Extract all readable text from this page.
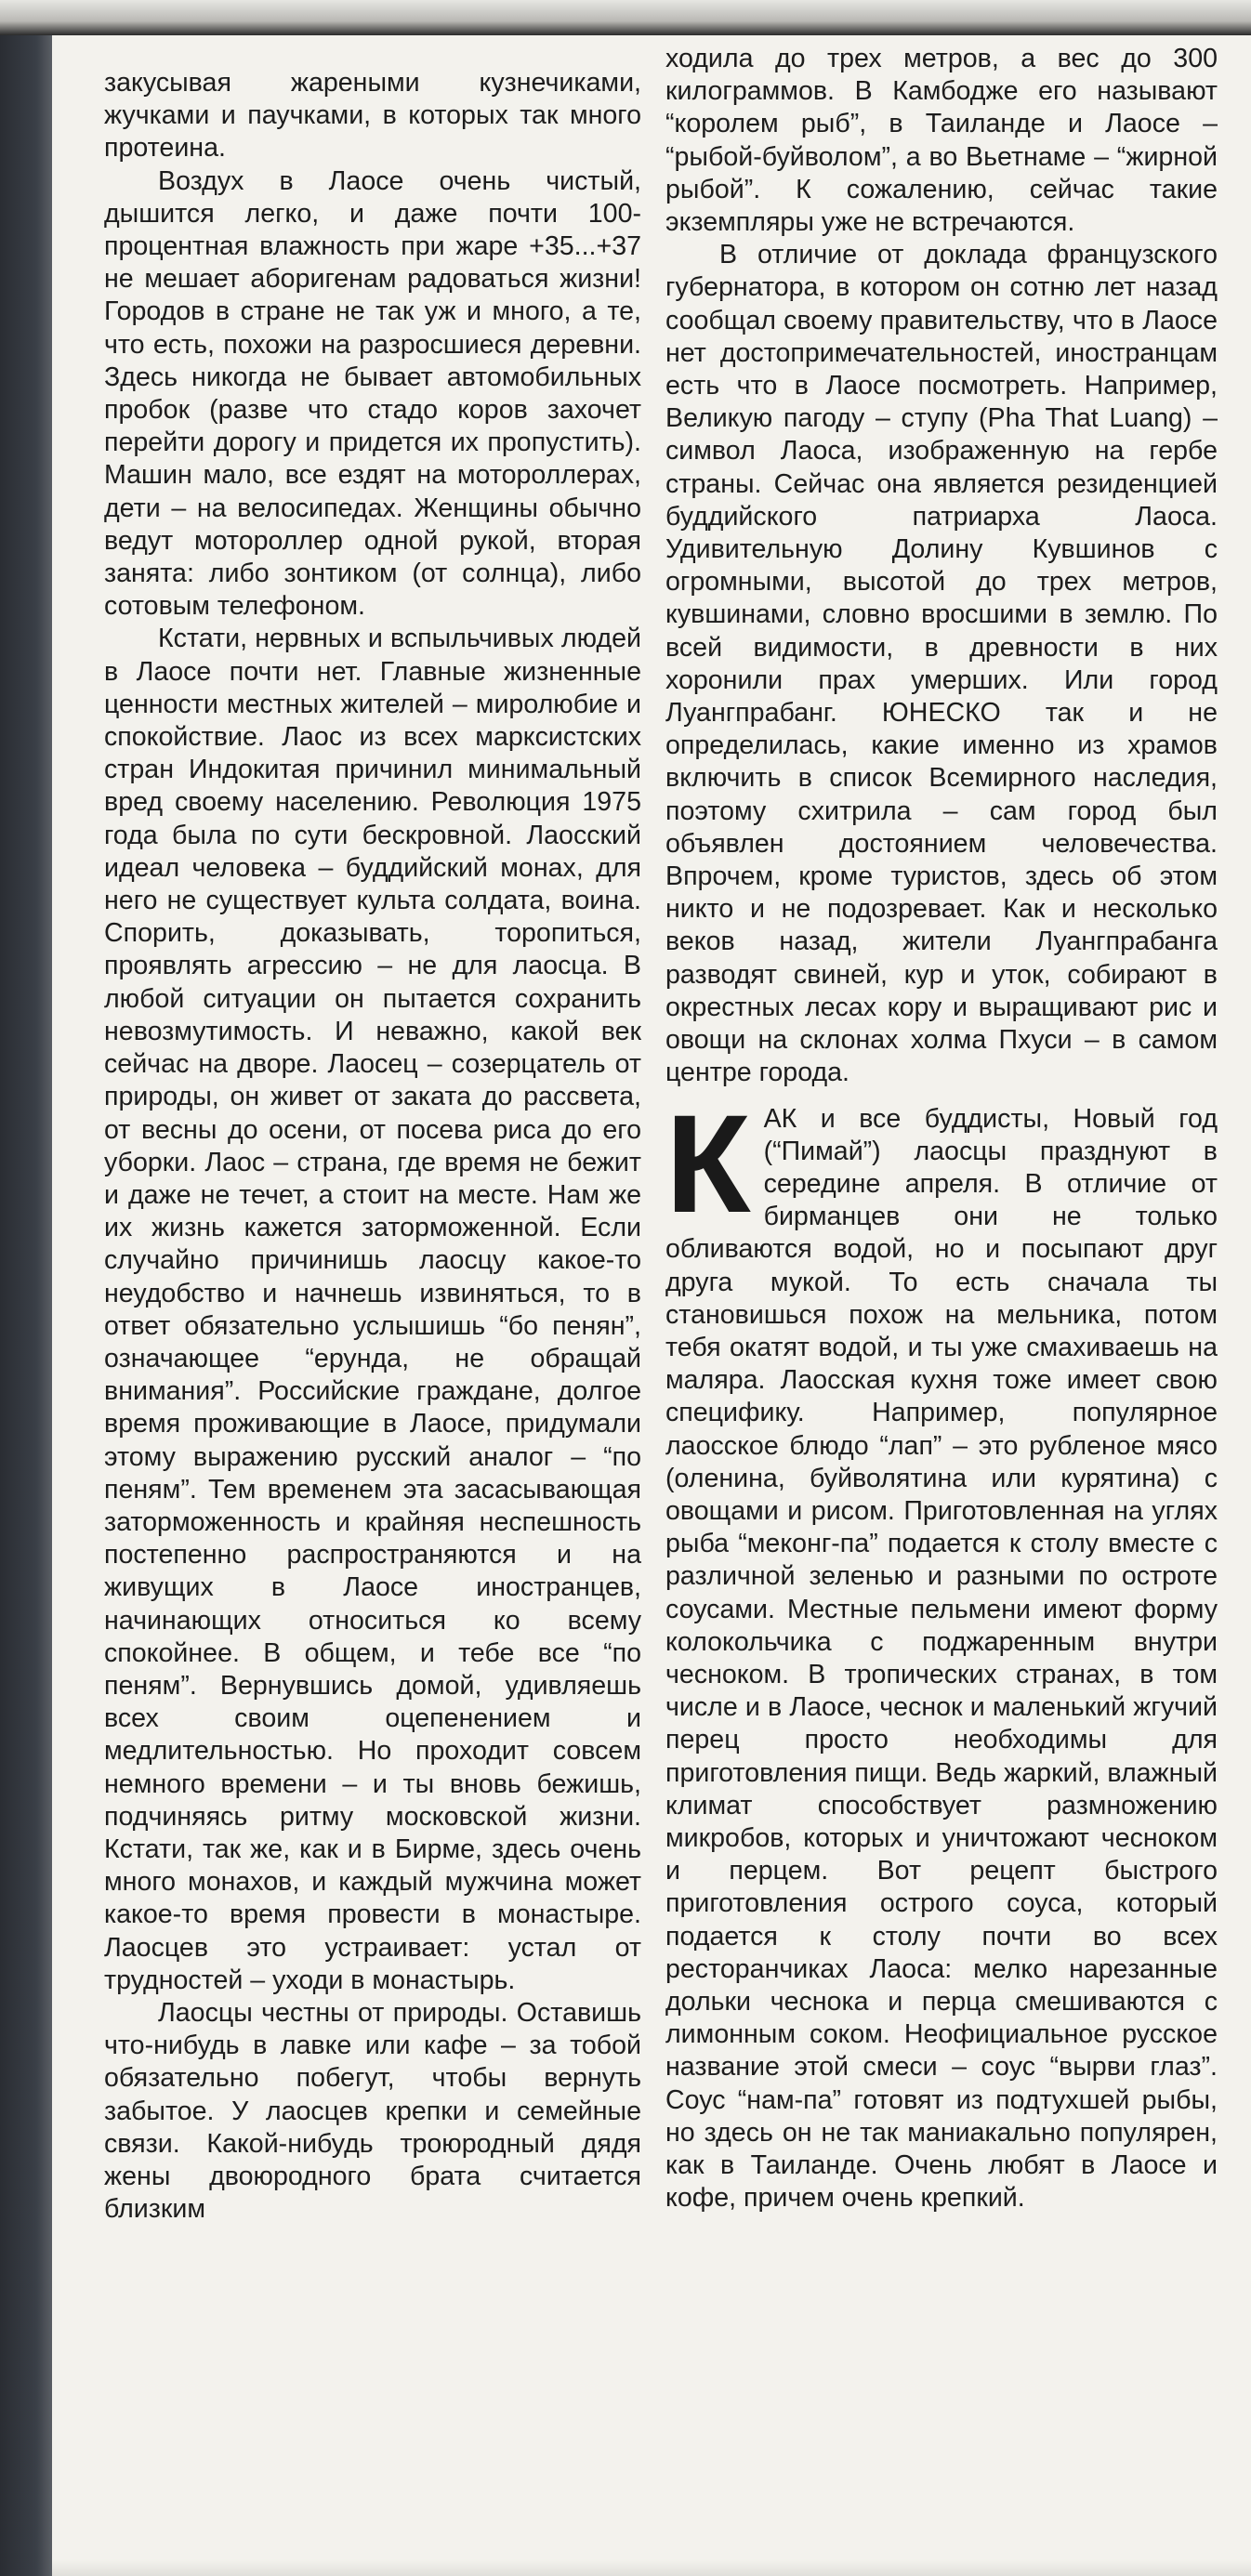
закусывая жареными кузнечиками, жучками и паучками, в которых так много протеина.

Воздух в Лаосе очень чистый, дышится легко, и даже почти 100-процентная влажность при жаре +35...+37 не мешает аборигенам радоваться жизни! Городов в стране не так уж и много, а те, что есть, похожи на разросшиеся деревни. Здесь никогда не бывает автомобильных пробок (разве что стадо коров захочет перейти дорогу и придется их пропустить). Машин мало, все ездят на мотороллерах, дети – на велосипедах. Женщины обычно ведут мотороллер одной рукой, вторая занята: либо зонтиком (от солнца), либо сотовым телефоном.

Кстати, нервных и вспыльчивых людей в Лаосе почти нет. Главные жизненные ценности местных жителей – миролюбие и спокойствие. Лаос из всех марксистских стран Индокитая причинил минимальный вред своему населению. Революция 1975 года была по сути бескровной. Лаосский идеал человека – буддийский монах, для него не существует культа солдата, воина. Спорить, доказывать, торопиться, проявлять агрессию – не для лаосца. В любой ситуации он пытается сохранить невозмутимость. И неважно, какой век сейчас на дворе. Лаосец – созерцатель от природы, он живет от заката до рассвета, от весны до осени, от посева риса до его уборки. Лаос – страна, где время не бежит и даже не течет, а стоит на месте. Нам же их жизнь кажется заторможенной. Если случайно причинишь лаосцу какое-то неудобство и начнешь извиняться, то в ответ обязательно услышишь “бо пенян”, означающее “ерунда, не обращай внимания”. Российские граждане, долгое время проживающие в Лаосе, придумали этому выражению русский аналог – “по пеням”. Тем временем эта засасывающая заторможенность и крайняя неспешность постепенно распространяются и на живущих в Лаосе иностранцев, начинающих относиться ко всему спокойнее. В общем, и тебе все “по пеням”. Вернувшись домой, удивляешь всех своим оцепенением и медлительностью. Но проходит совсем немного времени – и ты вновь бежишь, подчиняясь ритму московской жизни. Кстати, так же, как и в Бирме, здесь очень много монахов, и каждый мужчина может какое-то время провести в монастыре. Лаосцев это устраивает: устал от трудностей – уходи в монастырь.

Лаосцы честны от природы. Оставишь что-нибудь в лавке или кафе – за тобой обязательно побегут, чтобы вернуть забытое. У лаосцев крепки и семейные связи. Какой-нибудь троюродный дядя жены двоюродного брата считается близким

ходила до трех метров, а вес до 300 килограммов. В Камбодже его называют “королем рыб”, в Таиланде и Лаосе – “рыбой-буйволом”, а во Вьетнаме – “жирной рыбой”. К сожалению, сейчас такие экземпляры уже не встречаются.

В отличие от доклада французского губернатора, в котором он сотню лет назад сообщал своему правительству, что в Лаосе нет достопримечательностей, иностранцам есть что в Лаосе посмотреть. Например, Великую пагоду – ступу (Pha That Luang) – символ Лаоса, изображенную на гербе страны. Сейчас она является резиденцией буддийского патриарха Лаоса. Удивительную Долину Кувшинов с огромными, высотой до трех метров, кувшинами, словно вросшими в землю. По всей видимости, в древности в них хоронили прах умерших. Или город Луангпрабанг. ЮНЕСКО так и не определилась, какие именно из храмов включить в список Всемирного наследия, поэтому схитрила – сам город был объявлен достоянием человечества. Впрочем, кроме туристов, здесь об этом никто и не подозревает. Как и несколько веков назад, жители Луангпрабанга разводят свиней, кур и уток, собирают в окрестных лесах кору и выращивают рис и овощи на склонах холма Пхуси – в самом центре города.

К АК и все буддисты, Новый год (“Пимай”) лаосцы празднуют в середине апреля. В отличие от бирманцев они не только обливаются водой, но и посыпают друг друга мукой. То есть сначала ты становишься похож на мельника, потом тебя окатят водой, и ты уже смахиваешь на маляра. Лаосская кухня тоже имеет свою специфику. Например, популярное лаосское блюдо “лап” – это рубленое мясо (оленина, буйволятина или курятина) с овощами и рисом. Приготовленная на углях рыба “меконг-па” подается к столу вместе с различной зеленью и разными по остроте соусами. Местные пельмени имеют форму колокольчика с поджаренным внутри чесноком. В тропических странах, в том числе и в Лаосе, чеснок и маленький жгучий перец просто необходимы для приготовления пищи. Ведь жаркий, влажный климат способствует размножению микробов, которых и уничтожают чесноком и перцем. Вот рецепт быстрого приготовления острого соуса, который подается к столу почти во всех ресторанчиках Лаоса: мелко нарезанные дольки чеснока и перца смешиваются с лимонным соком. Неофициальное русское название этой смеси – соус “вырви глаз”. Соус “нам-па” готовят из подтухшей рыбы, но здесь он не так маниакально популярен, как в Таиланде. Очень любят в Лаосе и кофе, причем очень крепкий.
